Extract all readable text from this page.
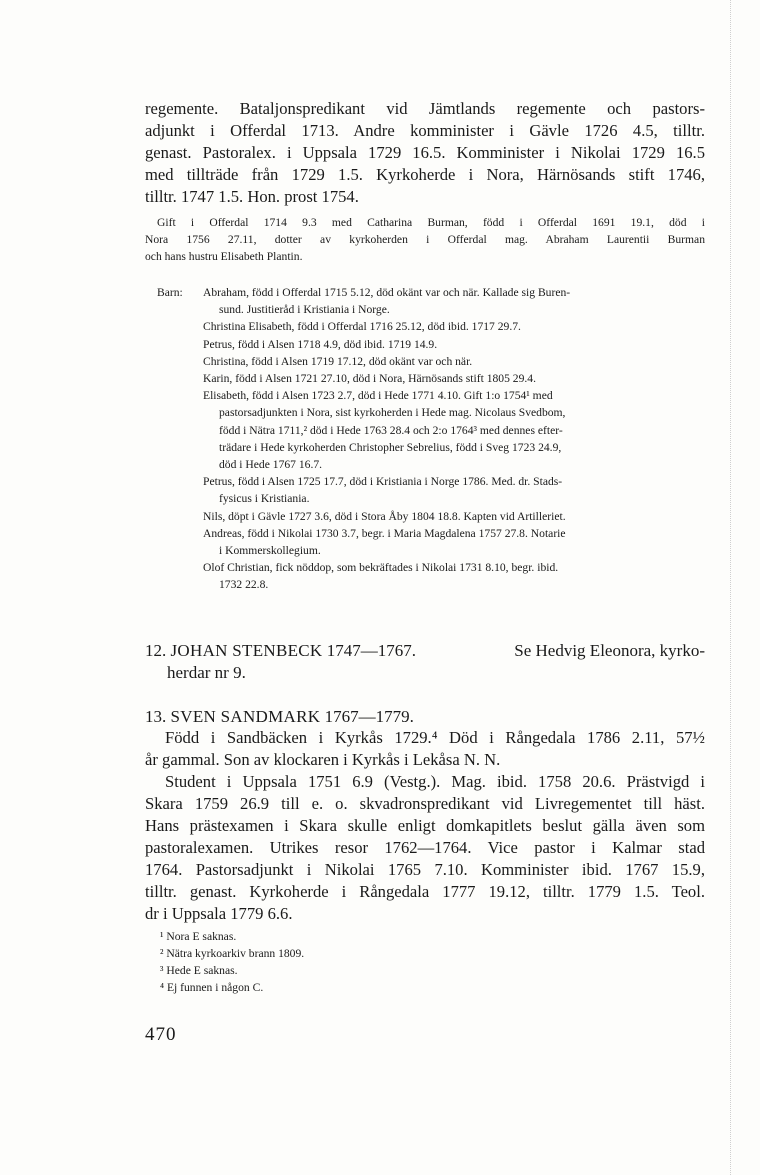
regemente. Bataljonspredikant vid Jämtlands regemente och pastors-
adjunkt i Offerdal 1713. Andre komminister i Gävle 1726 4.5, tilltr.
genast. Pastoralex. i Uppsala 1729 16.5. Komminister i Nikolai 1729 16.5
med tillträde från 1729 1.5. Kyrkoherde i Nora, Härnösands stift 1746,
tilltr. 1747 1.5. Hon. prost 1754.
Gift i Offerdal 1714 9.3 med Catharina Burman, född i Offerdal 1691 19.1, död i
Nora 1756 27.11, dotter av kyrkoherden i Offerdal mag. Abraham Laurentii Burman
och hans hustru Elisabeth Plantin.
Barn: Abraham, född i Offerdal 1715 5.12, död okänt var och när. Kallade sig Buren-
sund. Justitieråd i Kristiania i Norge.
Christina Elisabeth, född i Offerdal 1716 25.12, död ibid. 1717 29.7.
Petrus, född i Alsen 1718 4.9, död ibid. 1719 14.9.
Christina, född i Alsen 1719 17.12, död okänt var och när.
Karin, född i Alsen 1721 27.10, död i Nora, Härnösands stift 1805 29.4.
Elisabeth, född i Alsen 1723 2.7, död i Hede 1771 4.10. Gift 1:o 1754¹ med
pastorsadjunkten i Nora, sist kyrkoherden i Hede mag. Nicolaus Svedbom,
född i Nätra 1711,² död i Hede 1763 28.4 och 2:o 1764³ med dennes efter-
trädare i Hede kyrkoherden Christopher Sebrelius, född i Sveg 1723 24.9,
död i Hede 1767 16.7.
Petrus, född i Alsen 1725 17.7, död i Kristiania i Norge 1786. Med. dr. Stads-
fysicus i Kristiania.
Nils, döpt i Gävle 1727 3.6, död i Stora Åby 1804 18.8. Kapten vid Artilleriet.
Andreas, född i Nikolai 1730 3.7, begr. i Maria Magdalena 1757 27.8. Notarie
i Kommerskollegium.
Olof Christian, fick nöddop, som bekräftades i Nikolai 1731 8.10, begr. ibid.
1732 22.8.
12. JOHAN STENBECK 1747—1767.	Se Hedvig Eleonora, kyrko-
herdar nr 9.
13. SVEN SANDMARK 1767—1779.
Född i Sandbäcken i Kyrkås 1729.⁴ Död i Rångedala 1786 2.11, 57½
år gammal. Son av klockaren i Kyrkås i Lekåsa N. N.
Student i Uppsala 1751 6.9 (Vestg.). Mag. ibid. 1758 20.6. Prästvigd i
Skara 1759 26.9 till e. o. skvadronspredikant vid Livregementet till häst.
Hans prästexamen i Skara skulle enligt domkapitlets beslut gälla även som
pastoralexamen. Utrikes resor 1762—1764. Vice pastor i Kalmar stad
1764. Pastorsadjunkt i Nikolai 1765 7.10. Komminister ibid. 1767 15.9,
tilltr. genast. Kyrkoherde i Rångedala 1777 19.12, tilltr. 1779 1.5. Teol.
dr i Uppsala 1779 6.6.
¹ Nora E saknas.
² Nätra kyrkoarkiv brann 1809.
³ Hede E saknas.
⁴ Ej funnen i någon C.
470
